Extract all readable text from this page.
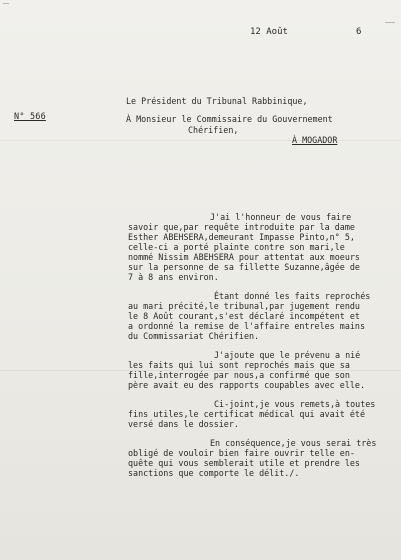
12 Août	6
N° 566
Le Président du Tribunal Rabbinique,
À Monsieur le Commissaire du Gouvernement
Chérifien,
À MOGADOR
J'ai l'honneur de vous faire
savoir que,par requête introduite par la dame
Esther ABEHSERA,demeurant Impasse Pinto,n° 5,
celle-ci a porté plainte contre son mari,le
nommé Nissim ABEHSERA pour attentat aux moeurs
sur la personne de sa fillette Suzanne,âgée de
7 à 8 ans environ.
Étant donné les faits reprochés
au mari précité,le tribunal,par jugement rendu
le 8 Août courant,s'est déclaré incompétent et
a ordonné la remise de l'affaire entreles mains
du Commissariat Chérifien.
J'ajoute que le prévenu a nié
les faits qui lui sont reprochés mais que sa
fille,interrogée par nous,a confirmé que son
père avait eu des rapports coupables avec elle.
Ci-joint,je vous remets,à toutes
fins utiles,le certificat médical qui avait été
versé dans le dossier.
En conséquence,je vous serai très
obligé de vouloir bien faire ouvrir telle en-
quête qui vous semblerait utile et prendre les
sanctions que comporte le délit./.
